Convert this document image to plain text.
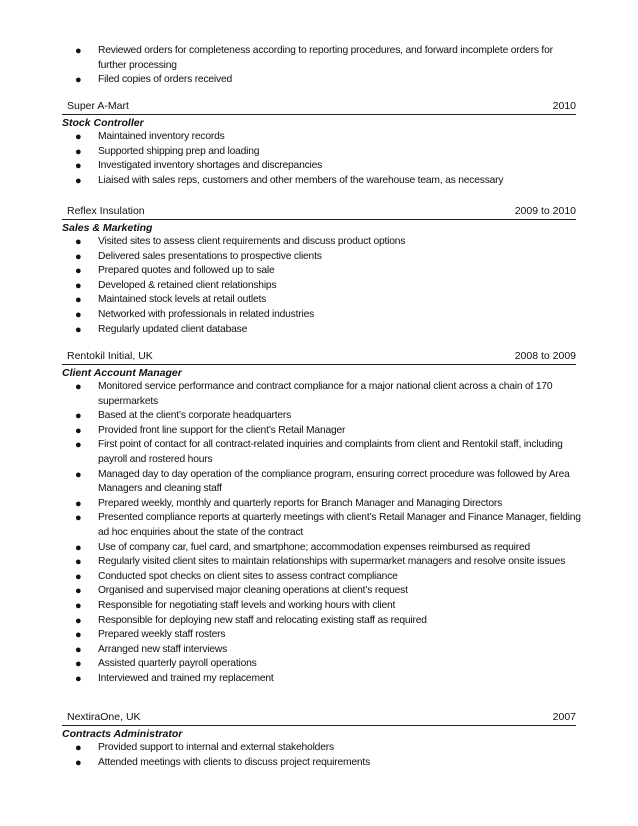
● Reviewed orders for completeness according to reporting procedures, and forward incomplete orders for further processing
● Filed copies of orders received
Super A-Mart	2010
Stock Controller
● Maintained inventory records
● Supported shipping prep and loading
● Investigated inventory shortages and discrepancies
● Liaised with sales reps, customers and other members of the warehouse team, as necessary
Reflex Insulation	2009 to 2010
Sales & Marketing
● Visited sites to assess client requirements and discuss product options
● Delivered sales presentations to prospective clients
● Prepared quotes and followed up to sale
● Developed & retained client relationships
● Maintained stock levels at retail outlets
● Networked with professionals in related industries
● Regularly updated client database
Rentokil Initial, UK	2008 to 2009
Client Account Manager
● Monitored service performance and contract compliance for a major national client across a chain of 170 supermarkets
● Based at the client’s corporate headquarters
● Provided front line support for the client’s Retail Manager
● First point of contact for all contract-related inquiries and complaints from client and Rentokil staff, including payroll and rostered hours
● Managed day to day operation of the compliance program, ensuring correct procedure was followed by Area Managers and cleaning staff
● Prepared weekly, monthly and quarterly reports for Branch Manager and Managing Directors
● Presented compliance reports at quarterly meetings with client’s Retail Manager and Finance Manager, fielding ad hoc enquiries about the state of the contract
● Use of company car, fuel card, and smartphone; accommodation expenses reimbursed as required
● Regularly visited client sites to maintain relationships with supermarket managers and resolve onsite issues
● Conducted spot checks on client sites to assess contract compliance
● Organised and supervised major cleaning operations at client’s request
● Responsible for negotiating staff levels and working hours with client
● Responsible for deploying new staff and relocating existing staff as required
● Prepared weekly staff rosters
● Arranged new staff interviews
● Assisted quarterly payroll operations
● Interviewed and trained my replacement
NextiraOne, UK	2007
Contracts Administrator
● Provided support to internal and external stakeholders
● Attended meetings with clients to discuss project requirements
